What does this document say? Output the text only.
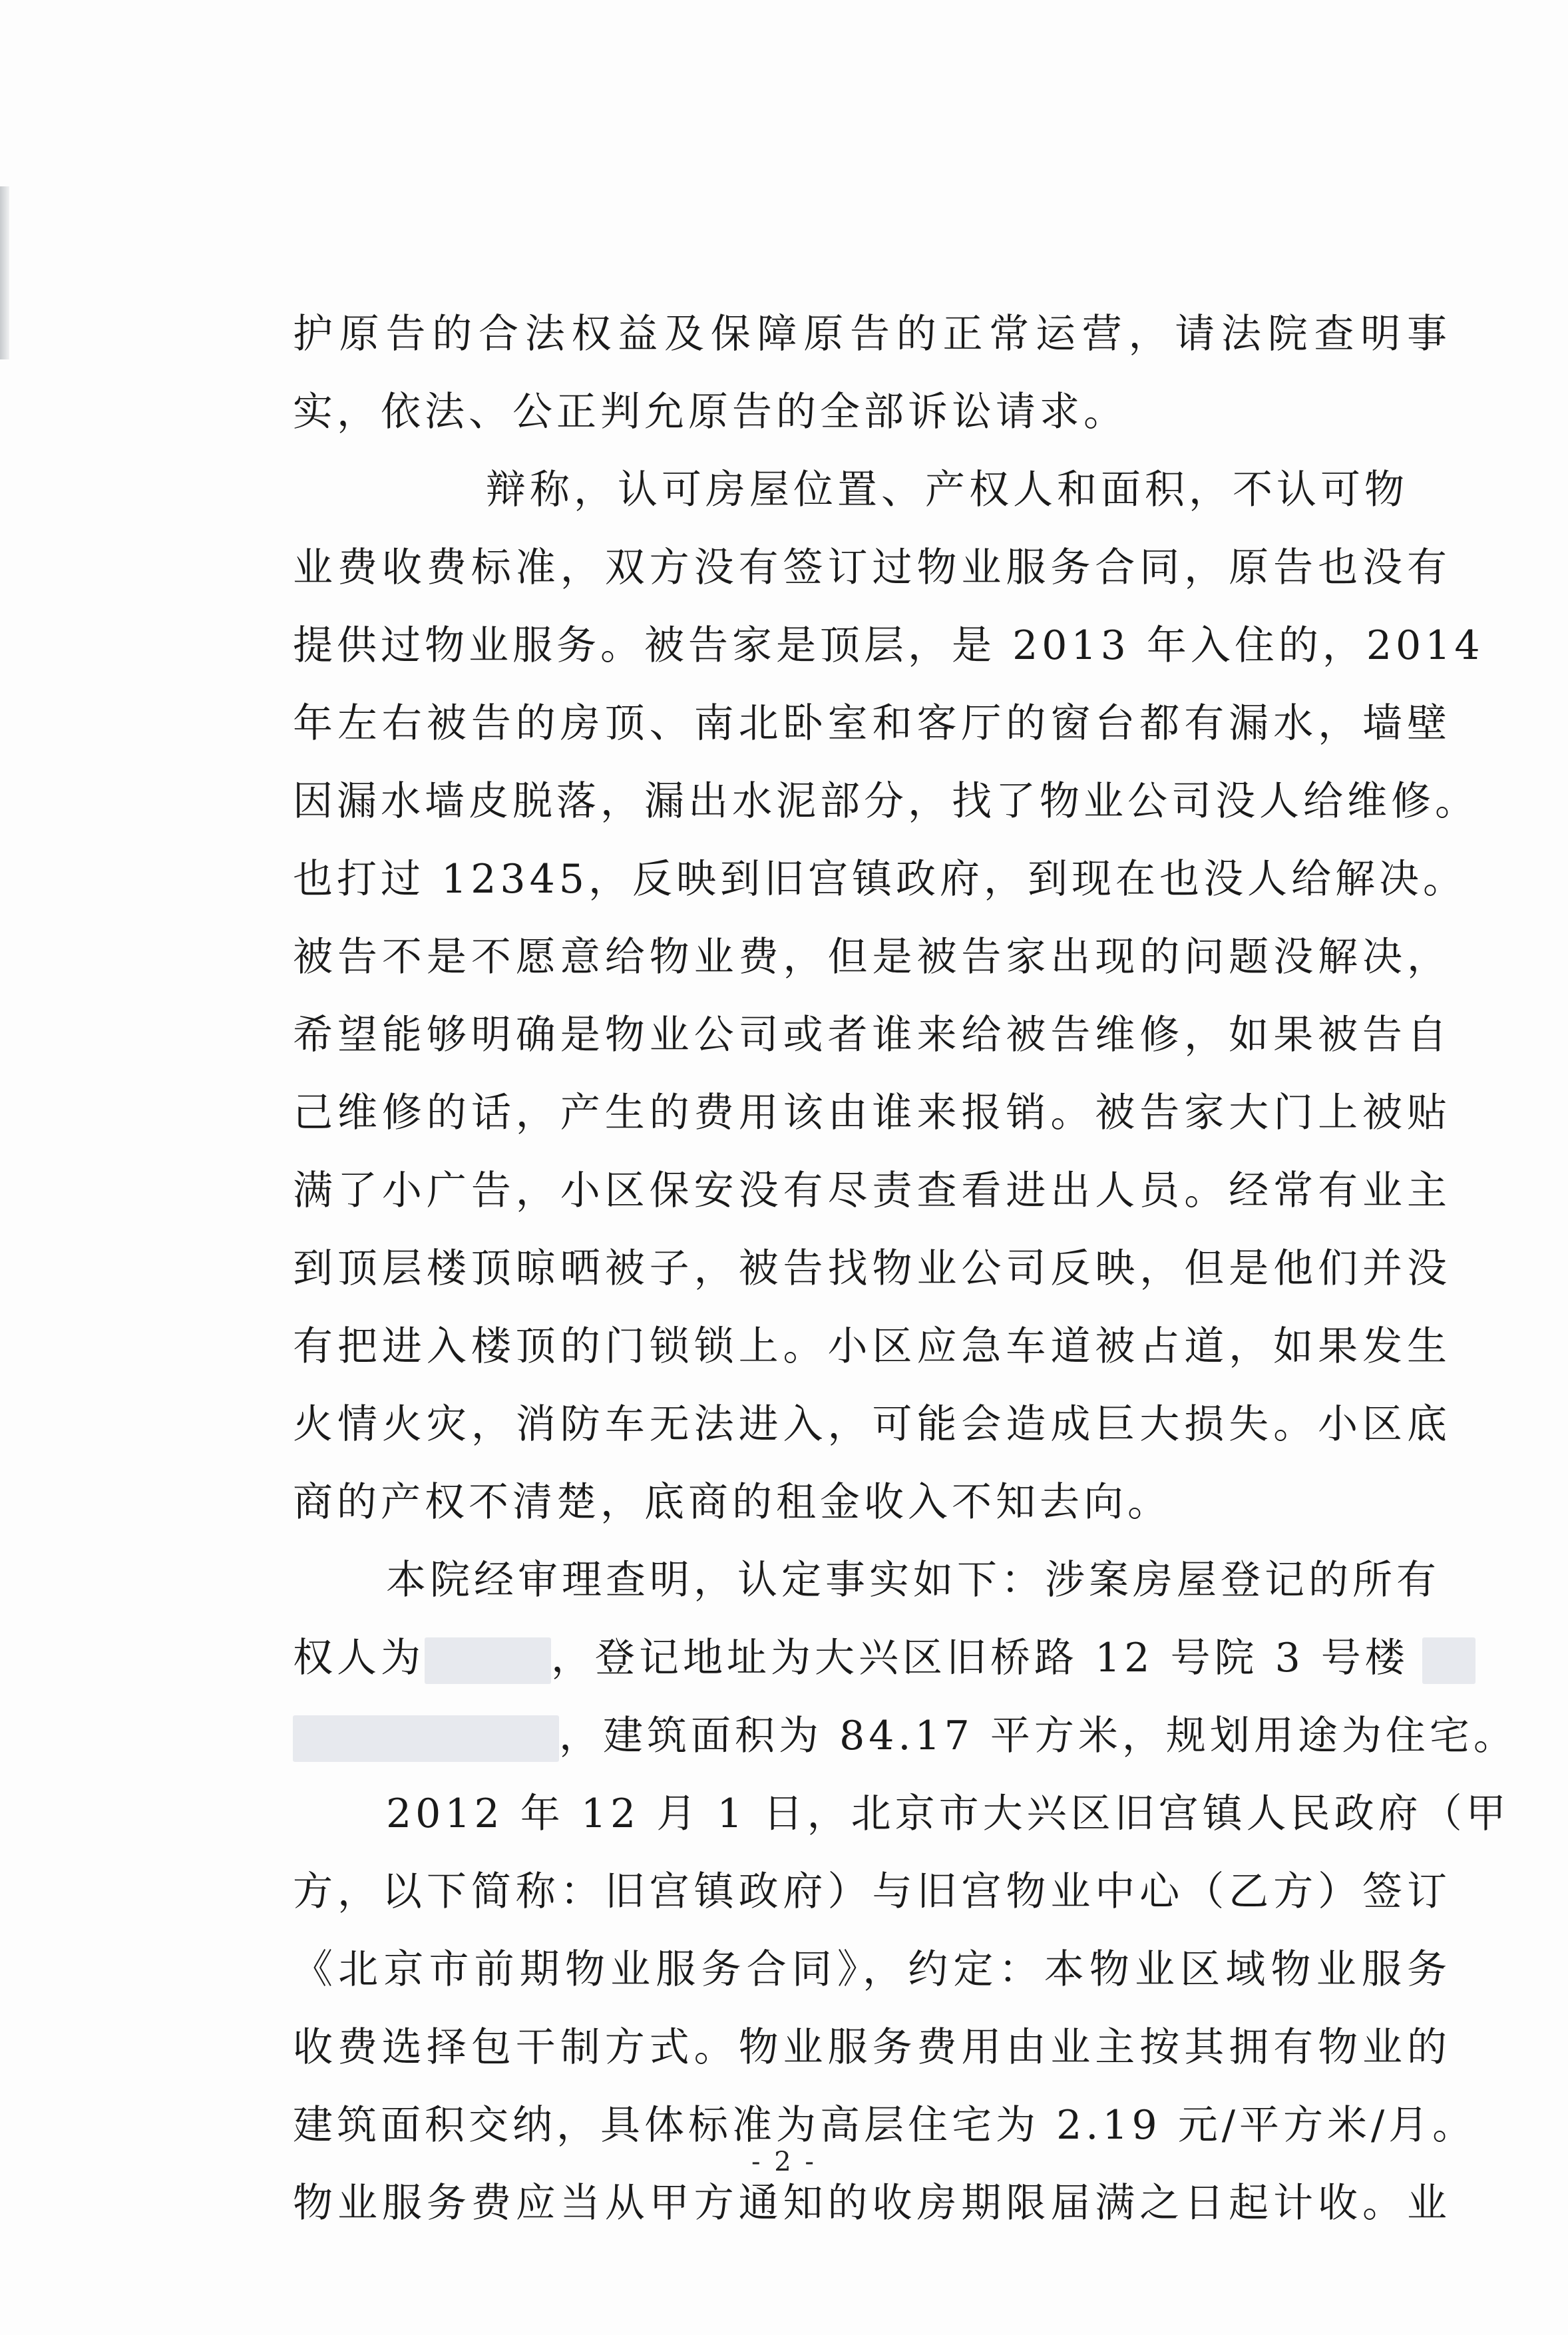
护原告的合法权益及保障原告的正常运营，请法院查明事
实，依法、公正判允原告的全部诉讼请求。
辩称，认可房屋位置、产权人和面积，不认可物
业费收费标准，双方没有签订过物业服务合同，原告也没有
提供过物业服务。被告家是顶层，是 2013 年入住的，2014
年左右被告的房顶、南北卧室和客厅的窗台都有漏水，墙壁
因漏水墙皮脱落，漏出水泥部分，找了物业公司没人给维修。
也打过 12345，反映到旧宫镇政府，到现在也没人给解决。
被告不是不愿意给物业费，但是被告家出现的问题没解决，
希望能够明确是物业公司或者谁来给被告维修，如果被告自
己维修的话，产生的费用该由谁来报销。被告家大门上被贴
满了小广告，小区保安没有尽责查看进出人员。经常有业主
到顶层楼顶晾晒被子，被告找物业公司反映，但是他们并没
有把进入楼顶的门锁锁上。小区应急车道被占道，如果发生
火情火灾，消防车无法进入，可能会造成巨大损失。小区底
商的产权不清楚，底商的租金收入不知去向。
本院经审理查明，认定事实如下：涉案房屋登记的所有
权人为	，登记地址为大兴区旧桥路 12 号院 3 号楼
，建筑面积为 84.17 平方米，规划用途为住宅。
2012 年 12 月 1 日，北京市大兴区旧宫镇人民政府（甲
方，以下简称：旧宫镇政府）与旧宫物业中心（乙方）签订
《北京市前期物业服务合同》，约定：本物业区域物业服务
收费选择包干制方式。物业服务费用由业主按其拥有物业的
建筑面积交纳，具体标准为高层住宅为 2.19 元/平方米/月。
物业服务费应当从甲方通知的收房期限届满之日起计收。业
- 2 -
